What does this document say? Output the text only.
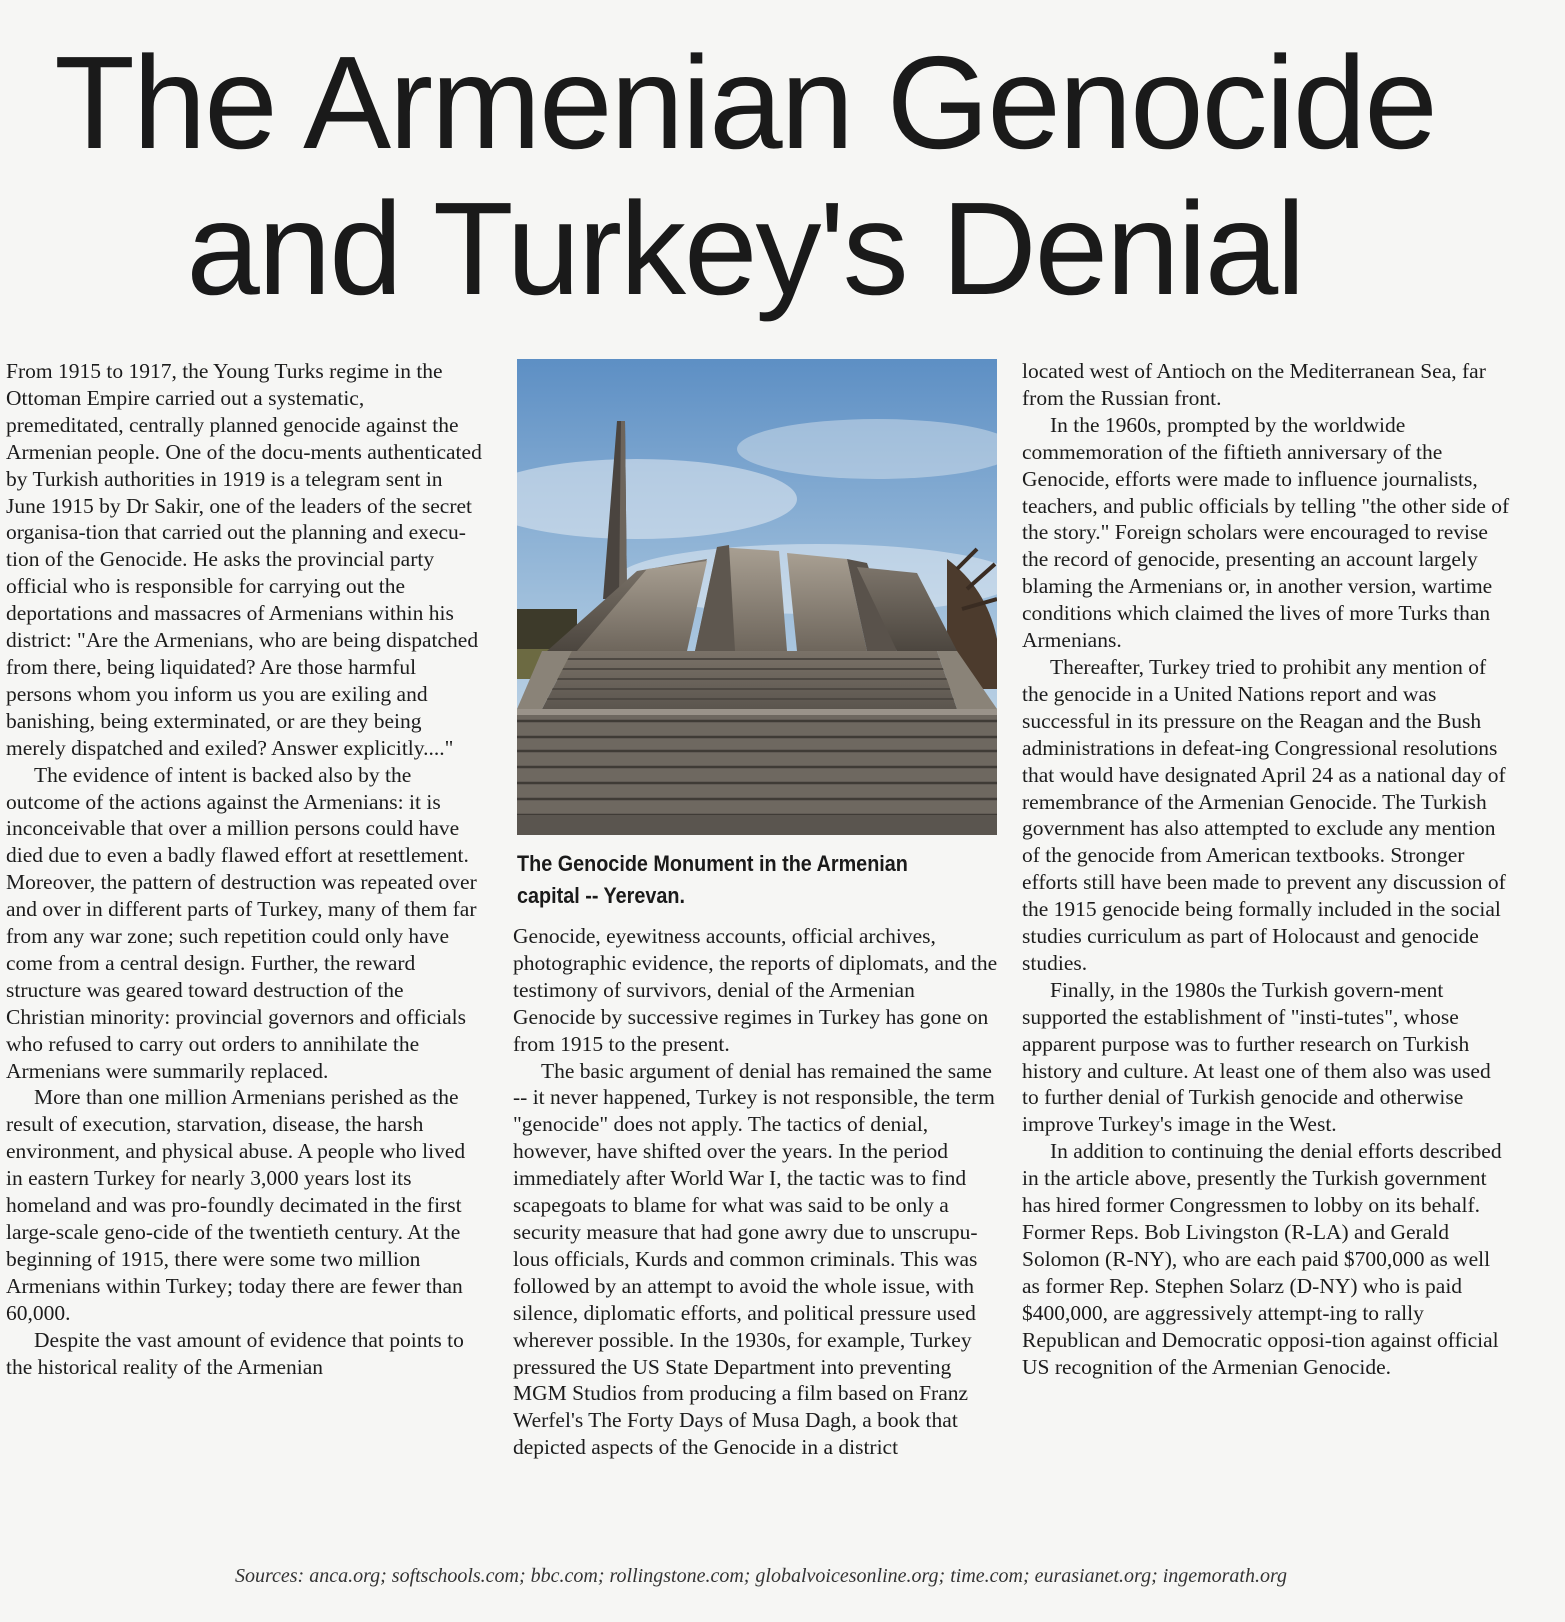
The Armenian Genocide
and Turkey's Denial

From 1915 to 1917, the Young Turks regime in the Ottoman Empire carried out a systematic, premeditated, centrally planned genocide against the Armenian people. One of the docu-ments authenticated by Turkish authorities in 1919 is a telegram sent in June 1915 by Dr Sakir, one of the leaders of the secret organisa-tion that carried out the planning and execu-tion of the Genocide. He asks the provincial party official who is responsible for carrying out the deportations and massacres of Armenians within his district: "Are the Armenians, who are being dispatched from there, being liquidated? Are those harmful persons whom you inform us you are exiling and banishing, being exterminated, or are they being merely dispatched and exiled? Answer explicitly...."

The evidence of intent is backed also by the outcome of the actions against the Armenians: it is inconceivable that over a million persons could have died due to even a badly flawed effort at resettlement. Moreover, the pattern of destruction was repeated over and over in different parts of Turkey, many of them far from any war zone; such repetition could only have come from a central design. Further, the reward structure was geared toward destruction of the Christian minority: provincial governors and officials who refused to carry out orders to annihilate the Armenians were summarily replaced.

More than one million Armenians perished as the result of execution, starvation, disease, the harsh environment, and physical abuse. A people who lived in eastern Turkey for nearly 3,000 years lost its homeland and was pro-foundly decimated in the first large-scale geno-cide of the twentieth century. At the beginning of 1915, there were some two million Armenians within Turkey; today there are fewer than 60,000.

Despite the vast amount of evidence that points to the historical reality of the Armenian

The Genocide Monument in the Armenian capital -- Yerevan.

Genocide, eyewitness accounts, official archives, photographic evidence, the reports of diplomats, and the testimony of survivors, denial of the Armenian Genocide by successive regimes in Turkey has gone on from 1915 to the present.

The basic argument of denial has remained the same -- it never happened, Turkey is not responsible, the term "genocide" does not apply. The tactics of denial, however, have shifted over the years. In the period immediately after World War I, the tactic was to find scapegoats to blame for what was said to be only a security measure that had gone awry due to unscrupu-lous officials, Kurds and common criminals. This was followed by an attempt to avoid the whole issue, with silence, diplomatic efforts, and political pressure used wherever possible. In the 1930s, for example, Turkey pressured the US State Department into preventing MGM Studios from producing a film based on Franz Werfel's The Forty Days of Musa Dagh, a book that depicted aspects of the Genocide in a district

located west of Antioch on the Mediterranean Sea, far from the Russian front.

In the 1960s, prompted by the worldwide commemoration of the fiftieth anniversary of the Genocide, efforts were made to influence journalists, teachers, and public officials by telling "the other side of the story." Foreign scholars were encouraged to revise the record of genocide, presenting an account largely blaming the Armenians or, in another version, wartime conditions which claimed the lives of more Turks than Armenians.

Thereafter, Turkey tried to prohibit any mention of the genocide in a United Nations report and was successful in its pressure on the Reagan and the Bush administrations in defeat-ing Congressional resolutions that would have designated April 24 as a national day of remembrance of the Armenian Genocide. The Turkish government has also attempted to exclude any mention of the genocide from American textbooks. Stronger efforts still have been made to prevent any discussion of the 1915 genocide being formally included in the social studies curriculum as part of Holocaust and genocide studies.

Finally, in the 1980s the Turkish govern-ment supported the establishment of "insti-tutes", whose apparent purpose was to further research on Turkish history and culture. At least one of them also was used to further denial of Turkish genocide and otherwise improve Turkey's image in the West.

In addition to continuing the denial efforts described in the article above, presently the Turkish government has hired former Congressmen to lobby on its behalf. Former Reps. Bob Livingston (R-LA) and Gerald Solomon (R-NY), who are each paid $700,000 as well as former Rep. Stephen Solarz (D-NY) who is paid $400,000, are aggressively attempt-ing to rally Republican and Democratic opposi-tion against official US recognition of the Armenian Genocide.

Sources: anca.org; softschools.com; bbc.com; rollingstone.com; globalvoicesonline.org; time.com; eurasianet.org; ingemorath.org
